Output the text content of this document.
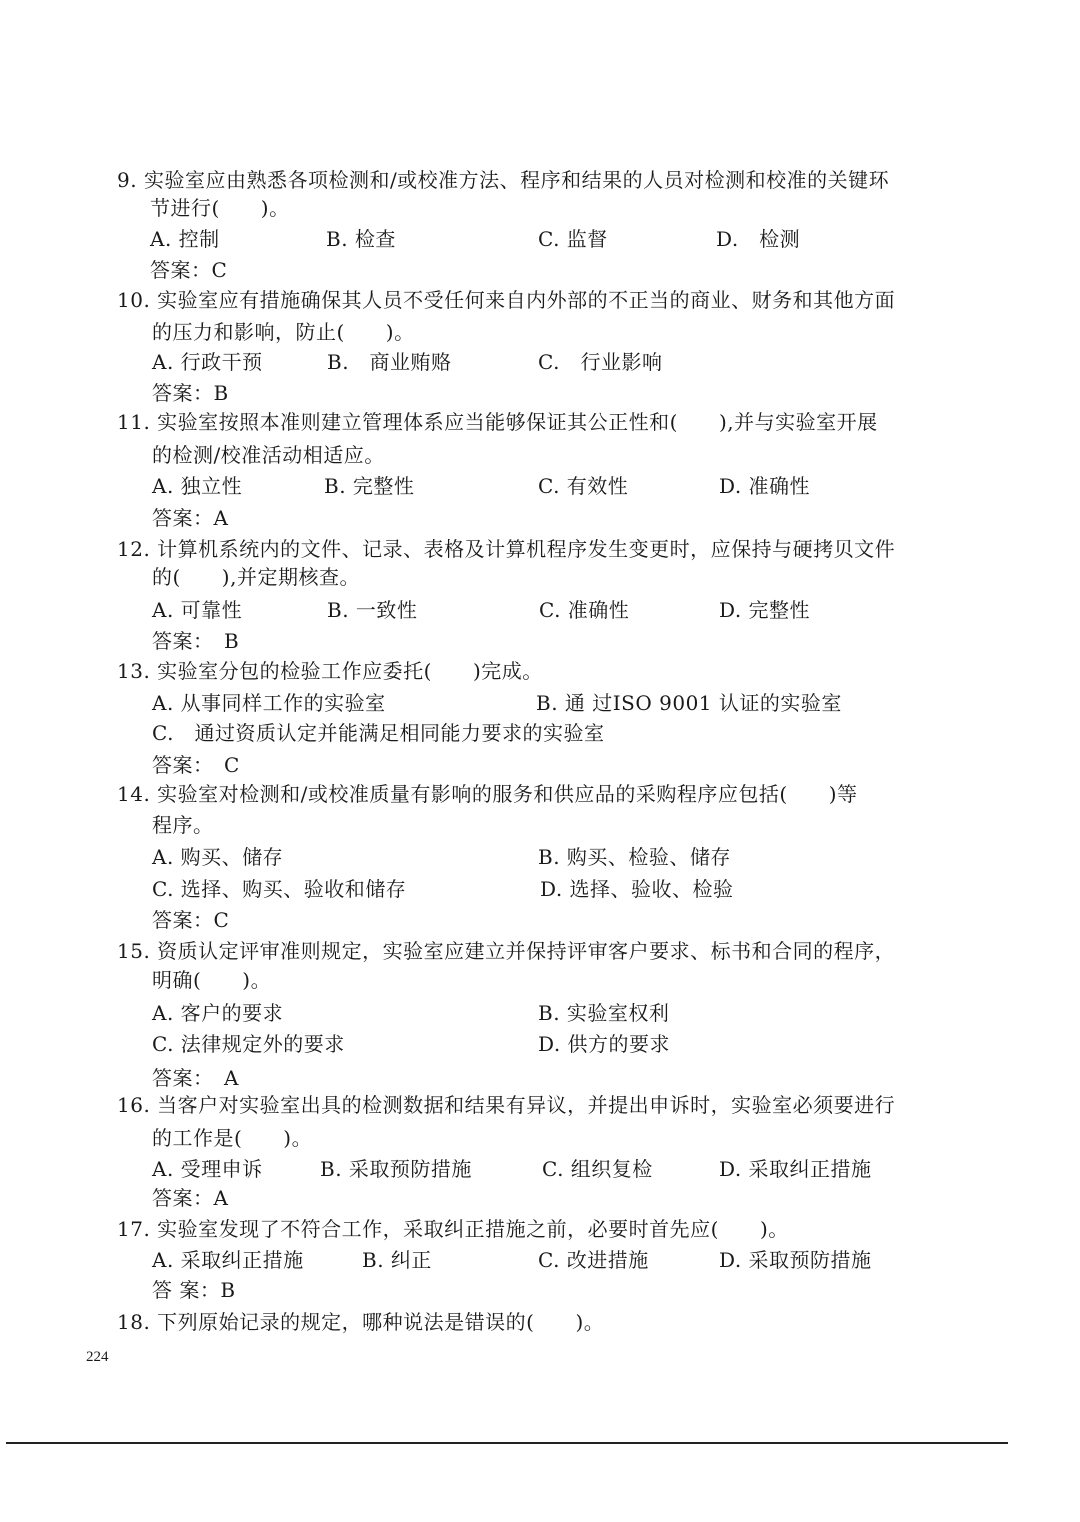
9. 实验室应由熟悉各项检测和/或校准方法、程序和结果的人员对检测和校准的关键环
节进行(　　)。
A. 控制	B. 检查	C. 监督	D.　检测
答案：C
10. 实验室应有措施确保其人员不受任何来自内外部的不正当的商业、财务和其他方面
的压力和影响，防止(　　)。
A. 行政干预	B.　商业贿赂	C.　行业影响
答案：B
11. 实验室按照本准则建立管理体系应当能够保证其公正性和(　　),并与实验室开展
的检测/校准活动相适应。
A. 独立性	B. 完整性	C. 有效性	D. 准确性
答案：A
12. 计算机系统内的文件、记录、表格及计算机程序发生变更时，应保持与硬拷贝文件
的(　　),并定期核查。
A. 可靠性	B. 一致性	C. 准确性	D. 完整性
答案：　B
13. 实验室分包的检验工作应委托(　　)完成。
A. 从事同样工作的实验室	B. 通 过ISO 9001 认证的实验室
C.　通过资质认定并能满足相同能力要求的实验室
答案：　C
14. 实验室对检测和/或校准质量有影响的服务和供应品的采购程序应包括(　　)等
程序。
A. 购买、储存	B. 购买、检验、储存
C. 选择、购买、验收和储存	D. 选择、验收、检验
答案：C
15. 资质认定评审准则规定，实验室应建立并保持评审客户要求、标书和合同的程序，
明确(　　)。
A. 客户的要求	B. 实验室权利
C. 法律规定外的要求	D. 供方的要求
答案：　A
16. 当客户对实验室出具的检测数据和结果有异议，并提出申诉时，实验室必须要进行
的工作是(　　)。
A. 受理申诉	B. 采取预防措施	C. 组织复检	D. 采取纠正措施
答案：A
17. 实验室发现了不符合工作，采取纠正措施之前，必要时首先应(　　)。
A. 采取纠正措施	B. 纠正	C. 改进措施	D. 采取预防措施
答 案：B
18. 下列原始记录的规定，哪种说法是错误的(　　)。
224
